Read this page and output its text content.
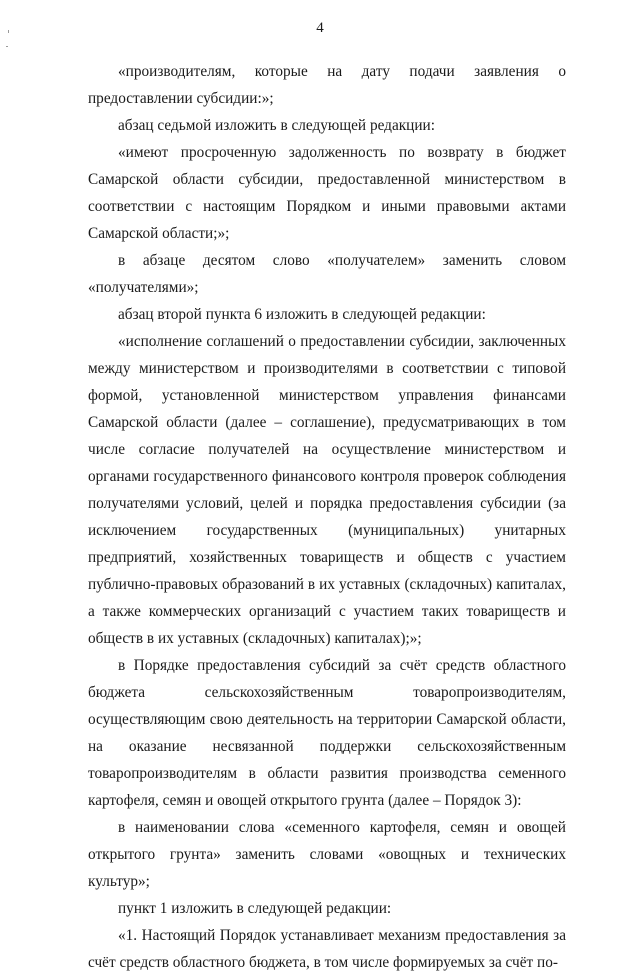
4

«производителям, которые на дату подачи заявления о предоставлении субсидии:»;

абзац седьмой изложить в следующей редакции:

«имеют просроченную задолженность по возврату в бюджет Самарской области субсидии, предоставленной министерством в соответствии с настоящим Порядком и иными правовыми актами Самарской области;»;

в абзаце десятом слово «получателем» заменить словом «получателями»;

абзац второй пункта 6 изложить в следующей редакции:

«исполнение соглашений о предоставлении субсидии, заключенных между министерством и производителями в соответствии с типовой формой, установленной министерством управления финансами Самарской области (далее – соглашение), предусматривающих в том числе согласие получателей на осуществление министерством и органами государственного финансового контроля проверок соблюдения получателями условий, целей и порядка предоставления субсидии (за исключением государственных (муниципальных) унитарных предприятий, хозяйственных товариществ и обществ с участием публично-правовых образований в их уставных (складочных) капиталах, а также коммерческих организаций с участием таких товариществ и обществ в их уставных (складочных) капиталах);»;

в Порядке предоставления субсидий за счёт средств областного бюджета сельскохозяйственным товаропроизводителям, осуществляющим свою деятельность на территории Самарской области, на оказание несвязанной поддержки сельскохозяйственным товаропроизводителям в области развития производства семенного картофеля, семян и овощей открытого грунта (далее – Порядок 3):

в наименовании слова «семенного картофеля, семян и овощей открытого грунта» заменить словами «овощных и технических культур»;

пункт 1 изложить в следующей редакции:

«1. Настоящий Порядок устанавливает механизм предоставления за счёт средств областного бюджета, в том числе формируемых за счёт по-
